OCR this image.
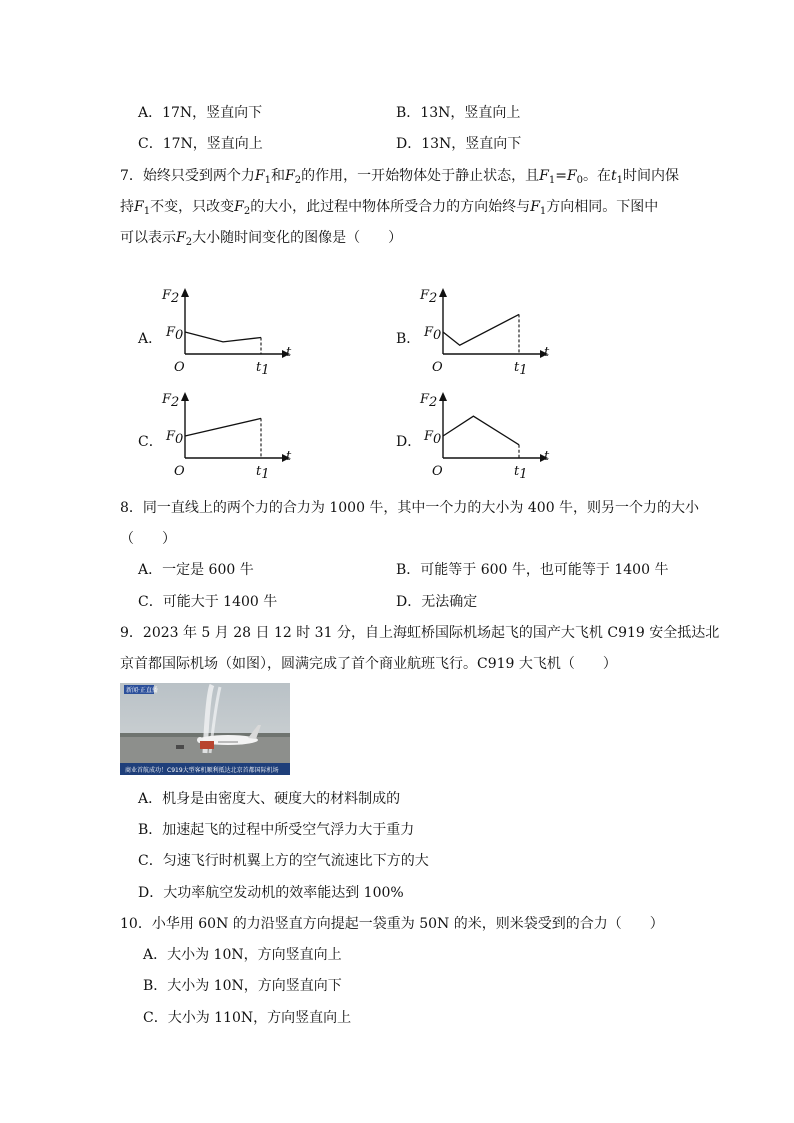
A．17N，竖直向下	B．13N，竖直向上
C．17N，竖直向上	D．13N，竖直向下
7．始终只受到两个力$F_1$和$F_2$的作用，一开始物体处于静止状态，且$F_1=F_0$。在$t_1$时间内保
持$F_1$不变，只改变$F_2$的大小，此过程中物体所受合力的方向始终与$F_1$方向相同。下图中
可以表示$F_2$大小随时间变化的图像是（　　）
A．	B．
C．	D．
F2
F0
O	t1
t
F2
F0
O	t1
t
F2
F0
O	t1
t
F2
F0
O	t1
t
8．同一直线上的两个力的合力为 1000 牛，其中一个力的大小为 400 牛，则另一个力的大小
（　　）
A．一定是 600 牛	B．可能等于 600 牛，也可能等于 1400 牛
C．可能大于 1400 牛	D．无法确定
9．2023 年 5 月 28 日 12 时 31 分，自上海虹桥国际机场起飞的国产大飞机 C919 安全抵达北
京首都国际机场（如图），圆满完成了首个商业航班飞行。C919 大飞机（　　）
新闻·正直播
商业首航成功！C919大型客机顺利抵达北京首都国际机场
A．机身是由密度大、硬度大的材料制成的
B．加速起飞的过程中所受空气浮力大于重力
C．匀速飞行时机翼上方的空气流速比下方的大
D．大功率航空发动机的效率能达到 100%
10．小华用 60N 的力沿竖直方向提起一袋重为 50N 的米，则米袋受到的合力（　　）
A．大小为 10N，方向竖直向上
B．大小为 10N，方向竖直向下
C．大小为 110N，方向竖直向上
